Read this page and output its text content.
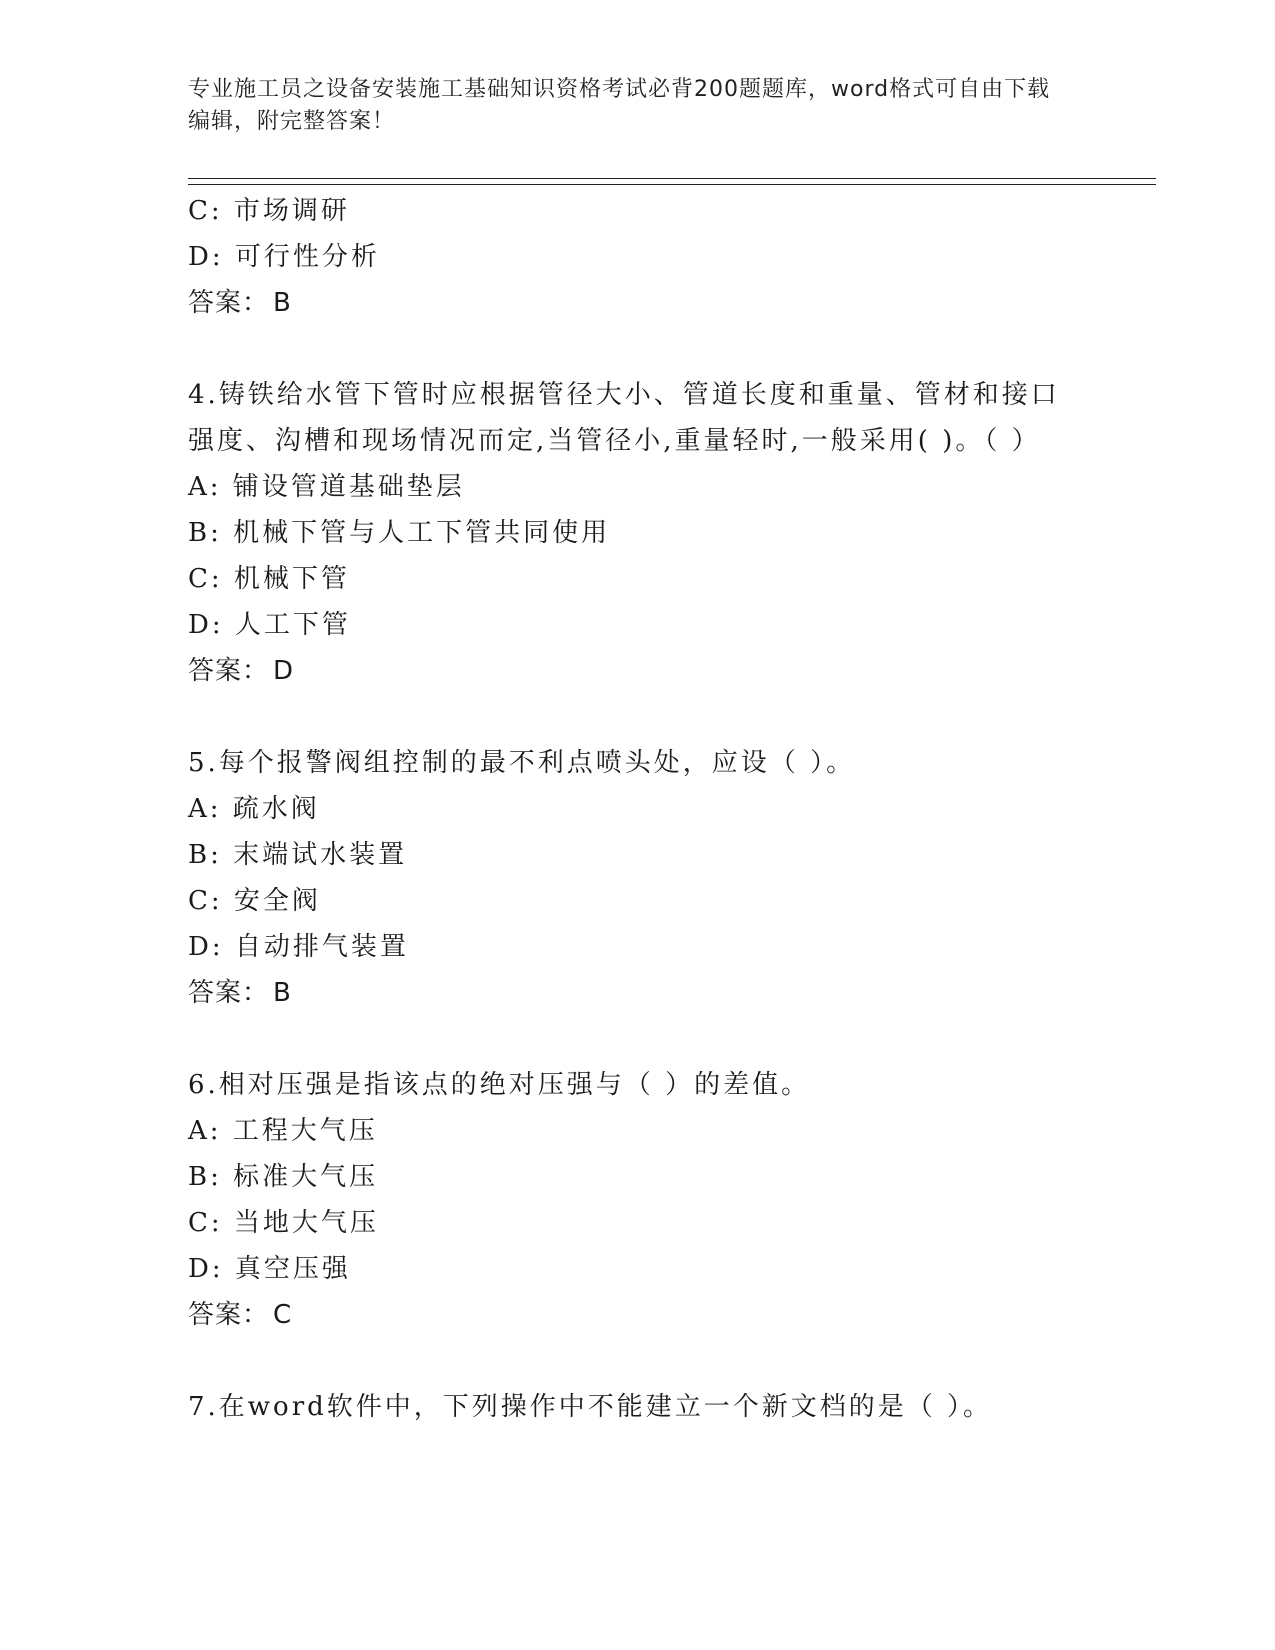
专业施工员之设备安装施工基础知识资格考试必背200题题库，word格式可自由下载编辑，附完整答案！
C: 市场调研
D: 可行性分析
答案： B
4.铸铁给水管下管时应根据管径大小、管道长度和重量、管材和接口强度、沟槽和现场情况而定,当管径小,重量轻时,一般采用( )。（ ）
A: 铺设管道基础垫层
B: 机械下管与人工下管共同使用
C: 机械下管
D: 人工下管
答案： D
5.每个报警阀组控制的最不利点喷头处，应设（ ）。
A: 疏水阀
B: 末端试水装置
C: 安全阀
D: 自动排气装置
答案： B
6.相对压强是指该点的绝对压强与（ ）的差值。
A: 工程大气压
B: 标准大气压
C: 当地大气压
D: 真空压强
答案： C
7.在word软件中，下列操作中不能建立一个新文档的是（ ）。
